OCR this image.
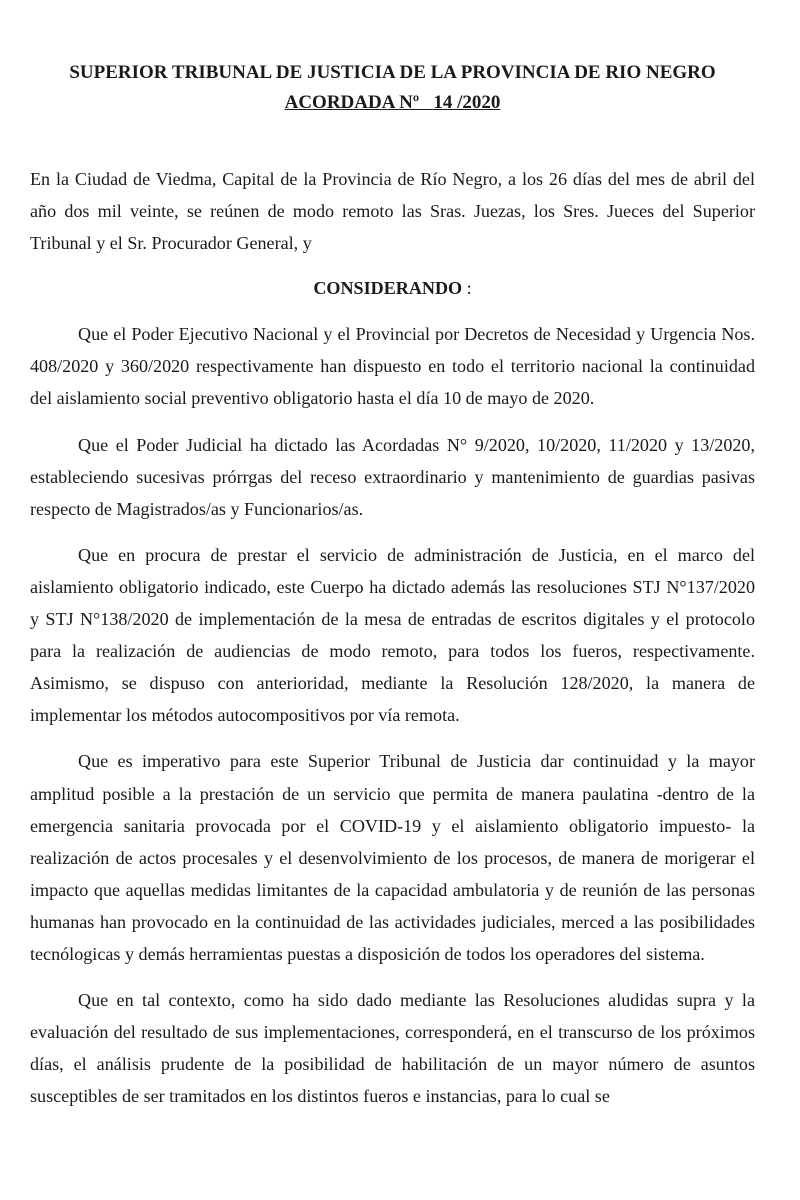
SUPERIOR TRIBUNAL DE JUSTICIA DE LA PROVINCIA DE RIO NEGRO

ACORDADA Nº   14 /2020

En la Ciudad de Viedma, Capital de la Provincia de Río Negro, a los 26 días del mes de abril del año dos mil veinte, se reúnen de modo remoto las Sras. Juezas, los Sres. Jueces del Superior Tribunal y el Sr. Procurador General, y

CONSIDERANDO :

Que el Poder Ejecutivo Nacional y el Provincial por Decretos de Necesidad y Urgencia Nos. 408/2020 y 360/2020 respectivamente han dispuesto en todo el territorio nacional la continuidad del aislamiento social preventivo obligatorio hasta el día 10 de mayo de 2020.

Que el Poder Judicial ha dictado las Acordadas N° 9/2020, 10/2020, 11/2020 y 13/2020, estableciendo sucesivas prórrgas del receso extraordinario y mantenimiento de guardias pasivas respecto de Magistrados/as y Funcionarios/as.

Que en procura de prestar el servicio de administración de Justicia, en el marco del aislamiento obligatorio indicado, este Cuerpo ha dictado además las resoluciones STJ N°137/2020 y STJ N°138/2020 de implementación de la mesa de entradas de escritos digitales y el protocolo para la realización de audiencias de modo remoto, para todos los fueros, respectivamente. Asimismo, se dispuso con anterioridad, mediante la Resolución 128/2020, la manera de implementar los métodos autocompositivos por vía remota.

Que es imperativo para este Superior Tribunal de Justicia dar continuidad y la mayor amplitud posible a la prestación de un servicio que permita de manera paulatina -dentro de la emergencia sanitaria provocada por el COVID-19 y el aislamiento obligatorio impuesto- la realización de actos procesales y el desenvolvimiento de los procesos, de manera de morigerar el impacto que aquellas medidas limitantes de la capacidad ambulatoria y de reunión de las personas humanas han provocado en la continuidad de las actividades judiciales, merced a las posibilidades tecnólogicas y demás herramientas puestas a disposición de todos los operadores del sistema.

Que en tal contexto, como ha sido dado mediante las Resoluciones aludidas supra y la evaluación del resultado de sus implementaciones, corresponderá, en el transcurso de los próximos días, el análisis prudente de la posibilidad de habilitación de un mayor número de asuntos susceptibles de ser tramitados en los distintos fueros e instancias, para lo cual se
